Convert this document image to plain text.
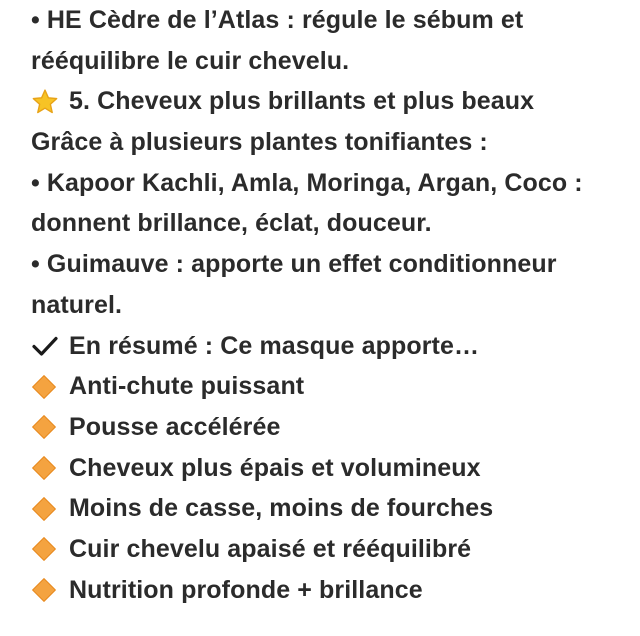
• HE Cèdre de l’Atlas : régule le sébum et
rééquilibre le cuir chevelu.
5. Cheveux plus brillants et plus beaux
Grâce à plusieurs plantes tonifiantes :
• Kapoor Kachli, Amla, Moringa, Argan, Coco :
donnent brillance, éclat, douceur.
• Guimauve : apporte un effet conditionneur
naturel.
En résumé : Ce masque apporte…
Anti-chute puissant
Pousse accélérée
Cheveux plus épais et volumineux
Moins de casse, moins de fourches
Cuir chevelu apaisé et rééquilibré
Nutrition profonde + brillance
